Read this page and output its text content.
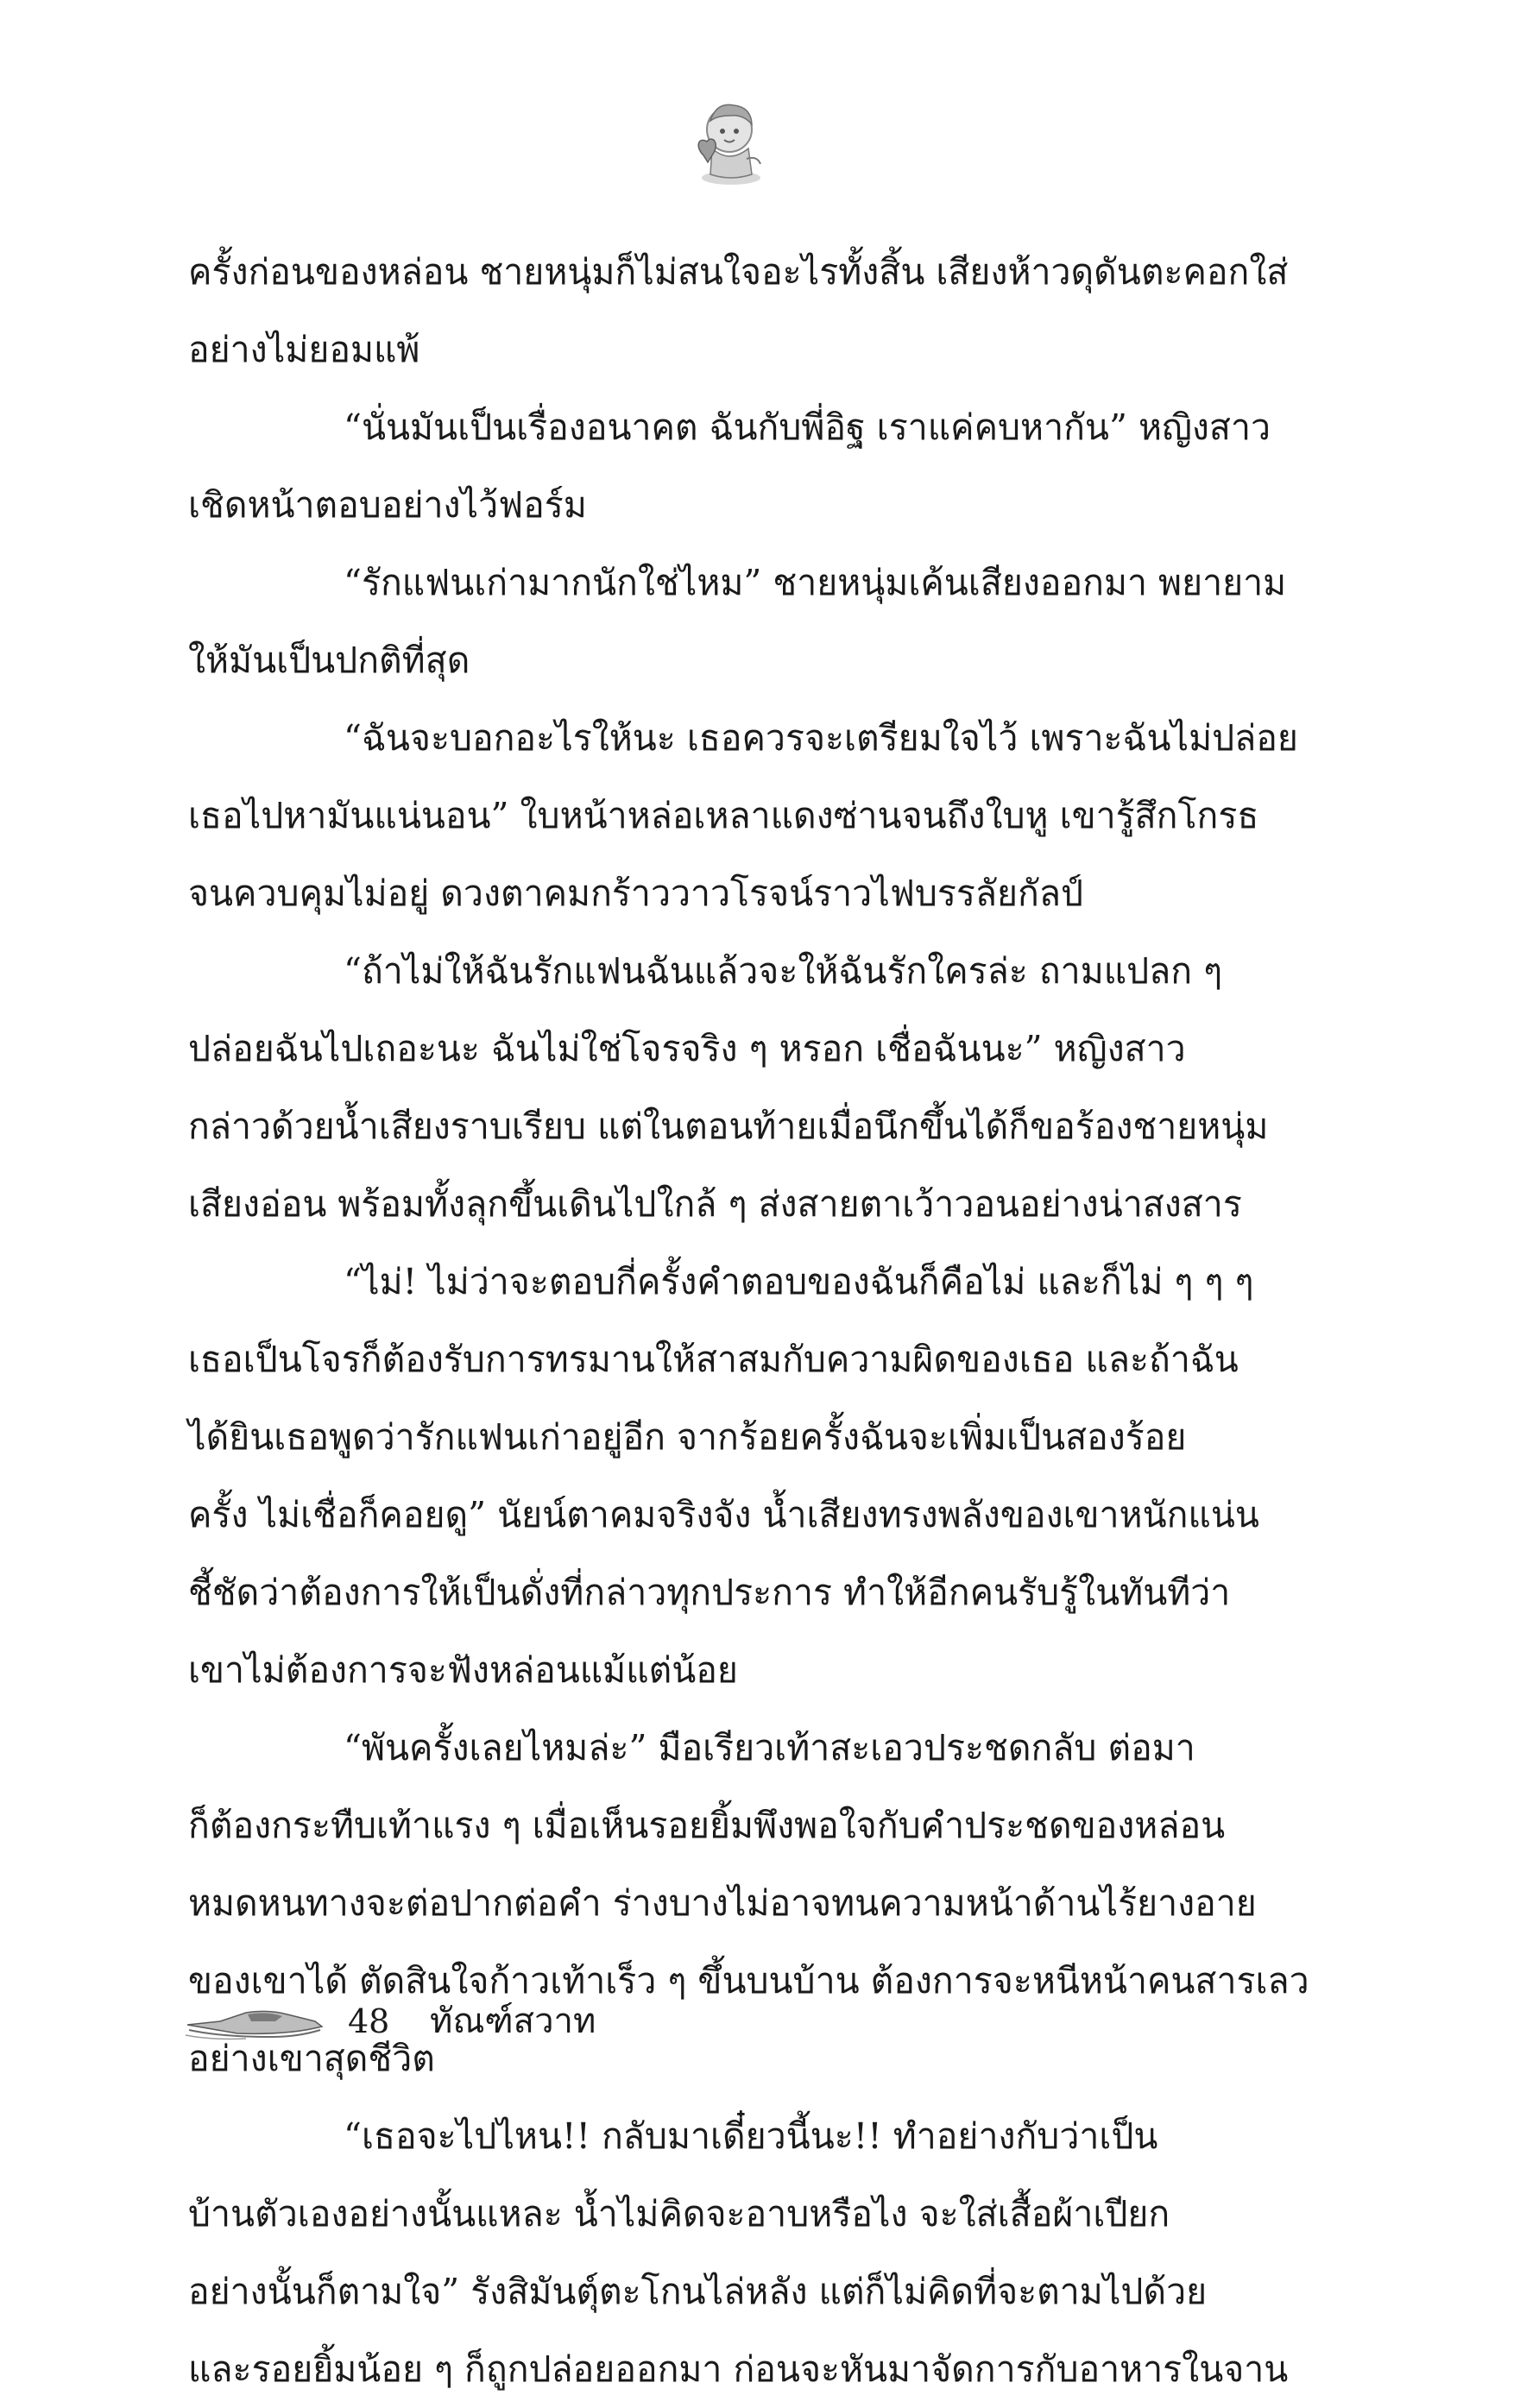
ครั้งก่อนของหล่อน ชายหนุ่มก็ไม่สนใจอะไรทั้งสิ้น เสียงห้าวดุดันตะคอกใส่
อย่างไม่ยอมแพ้
“นั่นมันเป็นเรื่องอนาคต ฉันกับพี่อิฐ เราแค่คบหากัน” หญิงสาว
เชิดหน้าตอบอย่างไว้ฟอร์ม
“รักแฟนเก่ามากนักใช่ไหม” ชายหนุ่มเค้นเสียงออกมา พยายาม
ให้มันเป็นปกติที่สุด
“ฉันจะบอกอะไรให้นะ เธอควรจะเตรียมใจไว้ เพราะฉันไม่ปล่อย
เธอไปหามันแน่นอน” ใบหน้าหล่อเหลาแดงซ่านจนถึงใบหู เขารู้สึกโกรธ
จนควบคุมไม่อยู่ ดวงตาคมกร้าววาวโรจน์ราวไฟบรรลัยกัลป์
“ถ้าไม่ให้ฉันรักแฟนฉันแล้วจะให้ฉันรักใครล่ะ ถามแปลก ๆ
ปล่อยฉันไปเถอะนะ ฉันไม่ใช่โจรจริง ๆ หรอก เชื่อฉันนะ” หญิงสาว
กล่าวด้วยน้ำเสียงราบเรียบ แต่ในตอนท้ายเมื่อนึกขึ้นได้ก็ขอร้องชายหนุ่ม
เสียงอ่อน พร้อมทั้งลุกขึ้นเดินไปใกล้ ๆ ส่งสายตาเว้าวอนอย่างน่าสงสาร
“ไม่! ไม่ว่าจะตอบกี่ครั้งคำตอบของฉันก็คือไม่ และก็ไม่ ๆ ๆ ๆ
เธอเป็นโจรก็ต้องรับการทรมานให้สาสมกับความผิดของเธอ และถ้าฉัน
ได้ยินเธอพูดว่ารักแฟนเก่าอยู่อีก จากร้อยครั้งฉันจะเพิ่มเป็นสองร้อย
ครั้ง ไม่เชื่อก็คอยดู” นัยน์ตาคมจริงจัง น้ำเสียงทรงพลังของเขาหนักแน่น
ชี้ชัดว่าต้องการให้เป็นดั่งที่กล่าวทุกประการ ทำให้อีกคนรับรู้ในทันทีว่า
เขาไม่ต้องการจะฟังหล่อนแม้แต่น้อย
“พันครั้งเลยไหมล่ะ” มือเรียวเท้าสะเอวประชดกลับ ต่อมา
ก็ต้องกระทืบเท้าแรง ๆ เมื่อเห็นรอยยิ้มพึงพอใจกับคำประชดของหล่อน
หมดหนทางจะต่อปากต่อคำ ร่างบางไม่อาจทนความหน้าด้านไร้ยางอาย
ของเขาได้ ตัดสินใจก้าวเท้าเร็ว ๆ ขึ้นบนบ้าน ต้องการจะหนีหน้าคนสารเลว
อย่างเขาสุดชีวิต
“เธอจะไปไหน!! กลับมาเดี๋ยวนี้นะ!! ทำอย่างกับว่าเป็น
บ้านตัวเองอย่างนั้นแหละ น้ำไม่คิดจะอาบหรือไง จะใส่เสื้อผ้าเปียก
อย่างนั้นก็ตามใจ” รังสิมันตุ์ตะโกนไล่หลัง แต่ก็ไม่คิดที่จะตามไปด้วย
และรอยยิ้มน้อย ๆ ก็ถูกปล่อยออกมา ก่อนจะหันมาจัดการกับอาหารในจาน
48 ทัณฑ์สวาท
